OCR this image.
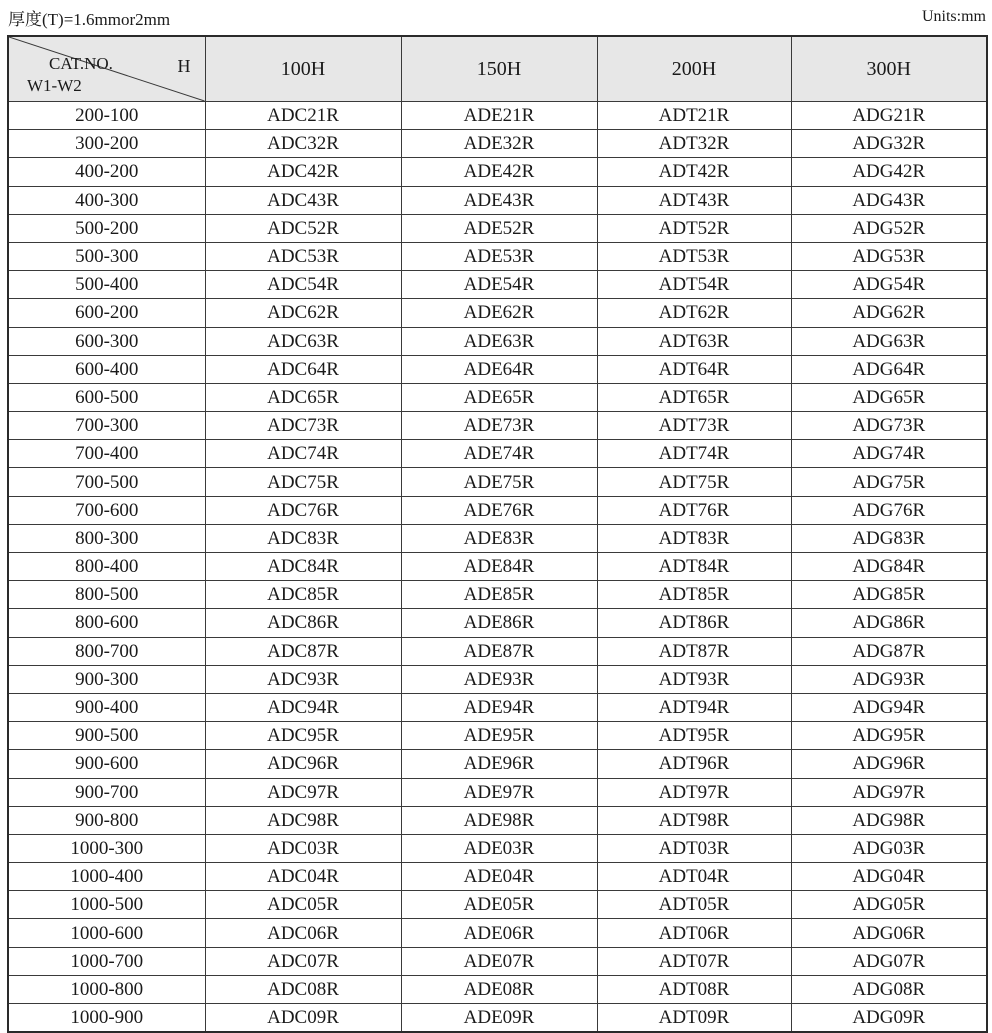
厚度(T)=1.6mmor2mm	Units:mm
CAT.NO. H
W1-W2	100H	150H	200H	300H
200-100	ADC21R	ADE21R	ADT21R	ADG21R
300-200	ADC32R	ADE32R	ADT32R	ADG32R
400-200	ADC42R	ADE42R	ADT42R	ADG42R
400-300	ADC43R	ADE43R	ADT43R	ADG43R
500-200	ADC52R	ADE52R	ADT52R	ADG52R
500-300	ADC53R	ADE53R	ADT53R	ADG53R
500-400	ADC54R	ADE54R	ADT54R	ADG54R
600-200	ADC62R	ADE62R	ADT62R	ADG62R
600-300	ADC63R	ADE63R	ADT63R	ADG63R
600-400	ADC64R	ADE64R	ADT64R	ADG64R
600-500	ADC65R	ADE65R	ADT65R	ADG65R
700-300	ADC73R	ADE73R	ADT73R	ADG73R
700-400	ADC74R	ADE74R	ADT74R	ADG74R
700-500	ADC75R	ADE75R	ADT75R	ADG75R
700-600	ADC76R	ADE76R	ADT76R	ADG76R
800-300	ADC83R	ADE83R	ADT83R	ADG83R
800-400	ADC84R	ADE84R	ADT84R	ADG84R
800-500	ADC85R	ADE85R	ADT85R	ADG85R
800-600	ADC86R	ADE86R	ADT86R	ADG86R
800-700	ADC87R	ADE87R	ADT87R	ADG87R
900-300	ADC93R	ADE93R	ADT93R	ADG93R
900-400	ADC94R	ADE94R	ADT94R	ADG94R
900-500	ADC95R	ADE95R	ADT95R	ADG95R
900-600	ADC96R	ADE96R	ADT96R	ADG96R
900-700	ADC97R	ADE97R	ADT97R	ADG97R
900-800	ADC98R	ADE98R	ADT98R	ADG98R
1000-300	ADC03R	ADE03R	ADT03R	ADG03R
1000-400	ADC04R	ADE04R	ADT04R	ADG04R
1000-500	ADC05R	ADE05R	ADT05R	ADG05R
1000-600	ADC06R	ADE06R	ADT06R	ADG06R
1000-700	ADC07R	ADE07R	ADT07R	ADG07R
1000-800	ADC08R	ADE08R	ADT08R	ADG08R
1000-900	ADC09R	ADE09R	ADT09R	ADG09R
